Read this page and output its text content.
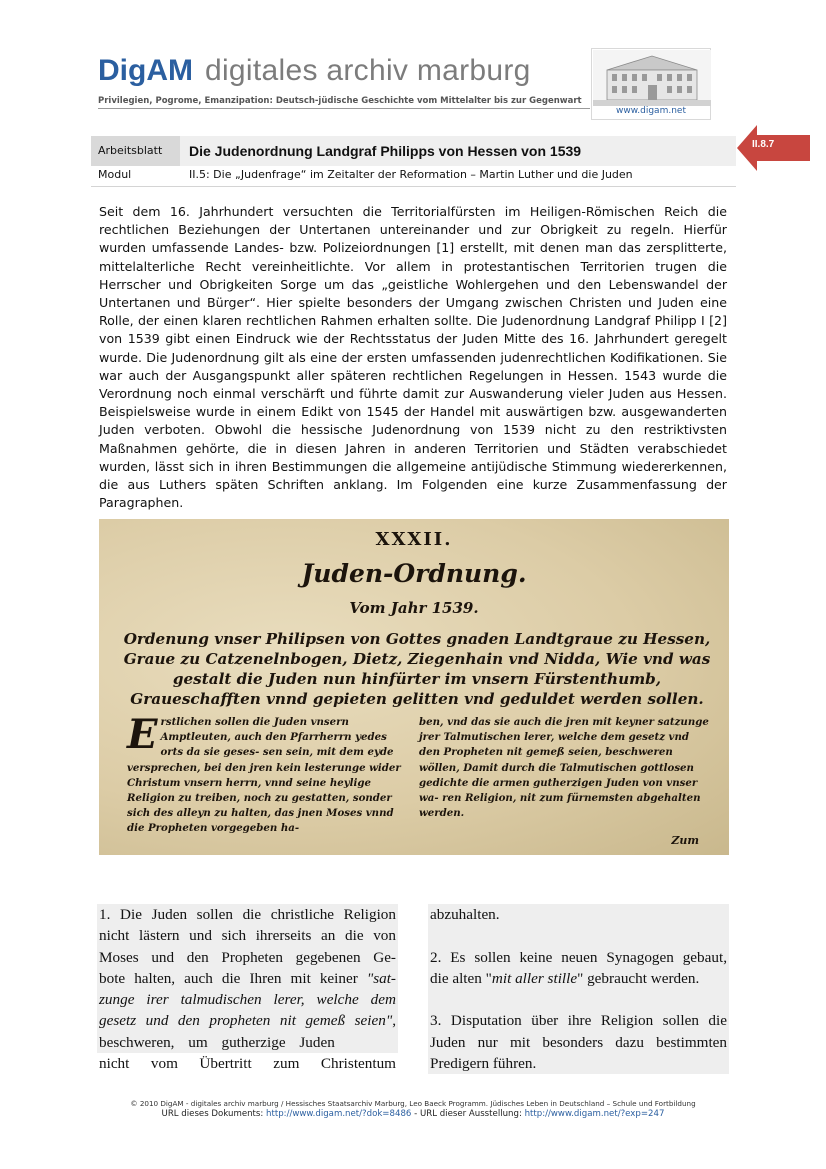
DigAM digitales archiv marburg
Privilegien, Pogrome, Emanzipation: Deutsch-jüdische Geschichte vom Mittelalter bis zur Gegenwart
www.digam.net
Arbeitsblatt	Die Judenordnung Landgraf Philipps von Hessen von 1539
Modul	II.5: Die „Judenfrage“ im Zeitalter der Reformation – Martin Luther und die Juden
II.8.7
Seit dem 16. Jahrhundert versuchten die Territorialfürsten im Heiligen-Römischen Reich die rechtlichen Beziehungen der Untertanen untereinander und zur Obrigkeit zu regeln. Hierfür wurden umfassende Landes- bzw. Polizeiordnungen [1] erstellt, mit denen man das zersplitterte, mittelalterliche Recht vereinheitlichte. Vor allem in protestantischen Territorien trugen die Herrscher und Obrigkeiten Sorge um das „geistliche Wohlergehen und den Lebenswandel der Untertanen und Bürger“. Hier spielte besonders der Umgang zwischen Christen und Juden eine Rolle, der einen klaren rechtlichen Rahmen erhalten sollte. Die Judenordnung Landgraf Philipp I [2] von 1539 gibt einen Eindruck wie der Rechtsstatus der Juden Mitte des 16. Jahrhundert geregelt wurde. Die Judenordnung gilt als eine der ersten umfassenden judenrechtlichen Kodifikationen. Sie war auch der Ausgangspunkt aller späteren rechtlichen Regelungen in Hessen. 1543 wurde die Verordnung noch einmal verschärft und führte damit zur Auswanderung vieler Juden aus Hessen. Beispielsweise wurde in einem Edikt von 1545 der Handel mit auswärtigen bzw. ausgewanderten Juden verboten. Obwohl die hessische Judenordnung von 1539 nicht zu den restriktivsten Maßnahmen gehörte, die in diesen Jahren in anderen Territorien und Städten verabschiedet wurden, lässt sich in ihren Bestimmungen die allgemeine antijüdische Stimmung wiedererkennen, die aus Luthers späten Schriften anklang. Im Folgenden eine kurze Zusammenfassung der Paragraphen.
XXXII.
Juden-Ordnung.
Vom Jahr 1539.
Ordenung vnser Philipsen von Gottes gnaden Landtgraue zu Hessen, Graue zu Catzenelnbogen, Dietz, Ziegenhain vnd Nidda, Wie vnd was gestalt die Juden nun hinfürter im vnsern Fürstenthumb, Graueschafften vnnd gepieten gelitten vnd geduldet werden sollen.
Erstlichen sollen die Juden vnsern Amptleuten, auch den Pfarrherrn yedes orts da sie geses- sen sein, mit dem eyde versprechen, bei den jren kein lesterunge wider Christum vnsern herrn, vnnd seine heylige Religion zu treiben, noch zu gestatten, sonder sich des alleyn zu halten, das jnen Moses vnnd die Propheten vorgegeben ha-
ben, vnd das sie auch die jren mit keyner satzunge jrer Talmutischen lerer, welche dem gesetz vnd den Propheten nit gemeß seien, beschweren wöllen, Damit durch die Talmutischen gottlosen gedichte die armen gutherzigen Juden von vnser wa- ren Religion, nit zum fürnemsten abgehalten werden.
Zum
1. Die Juden sollen die christliche Religion
nicht lästern und sich ihrerseits an die von
Moses und den Propheten gegebenen Ge-
bote halten, auch die Ihren mit keiner "sat-
zunge irer talmudischen lerer, welche dem
gesetz und den propheten nit gemeß seien",
beschweren, um gutherzige Juden
nicht vom Übertritt zum Christentum
abzuhalten.
2. Es sollen keine neuen Synagogen gebaut,
die alten "mit aller stille" gebraucht werden.
3. Disputation über ihre Religion sollen die
Juden nur mit besonders dazu bestimmten
Predigern führen.
© 2010 DigAM - digitales archiv marburg / Hessisches Staatsarchiv Marburg, Leo Baeck Programm. Jüdisches Leben in Deutschland – Schule und Fortbildung
URL dieses Dokuments: http://www.digam.net/?dok=8486 - URL dieser Ausstellung: http://www.digam.net/?exp=247
